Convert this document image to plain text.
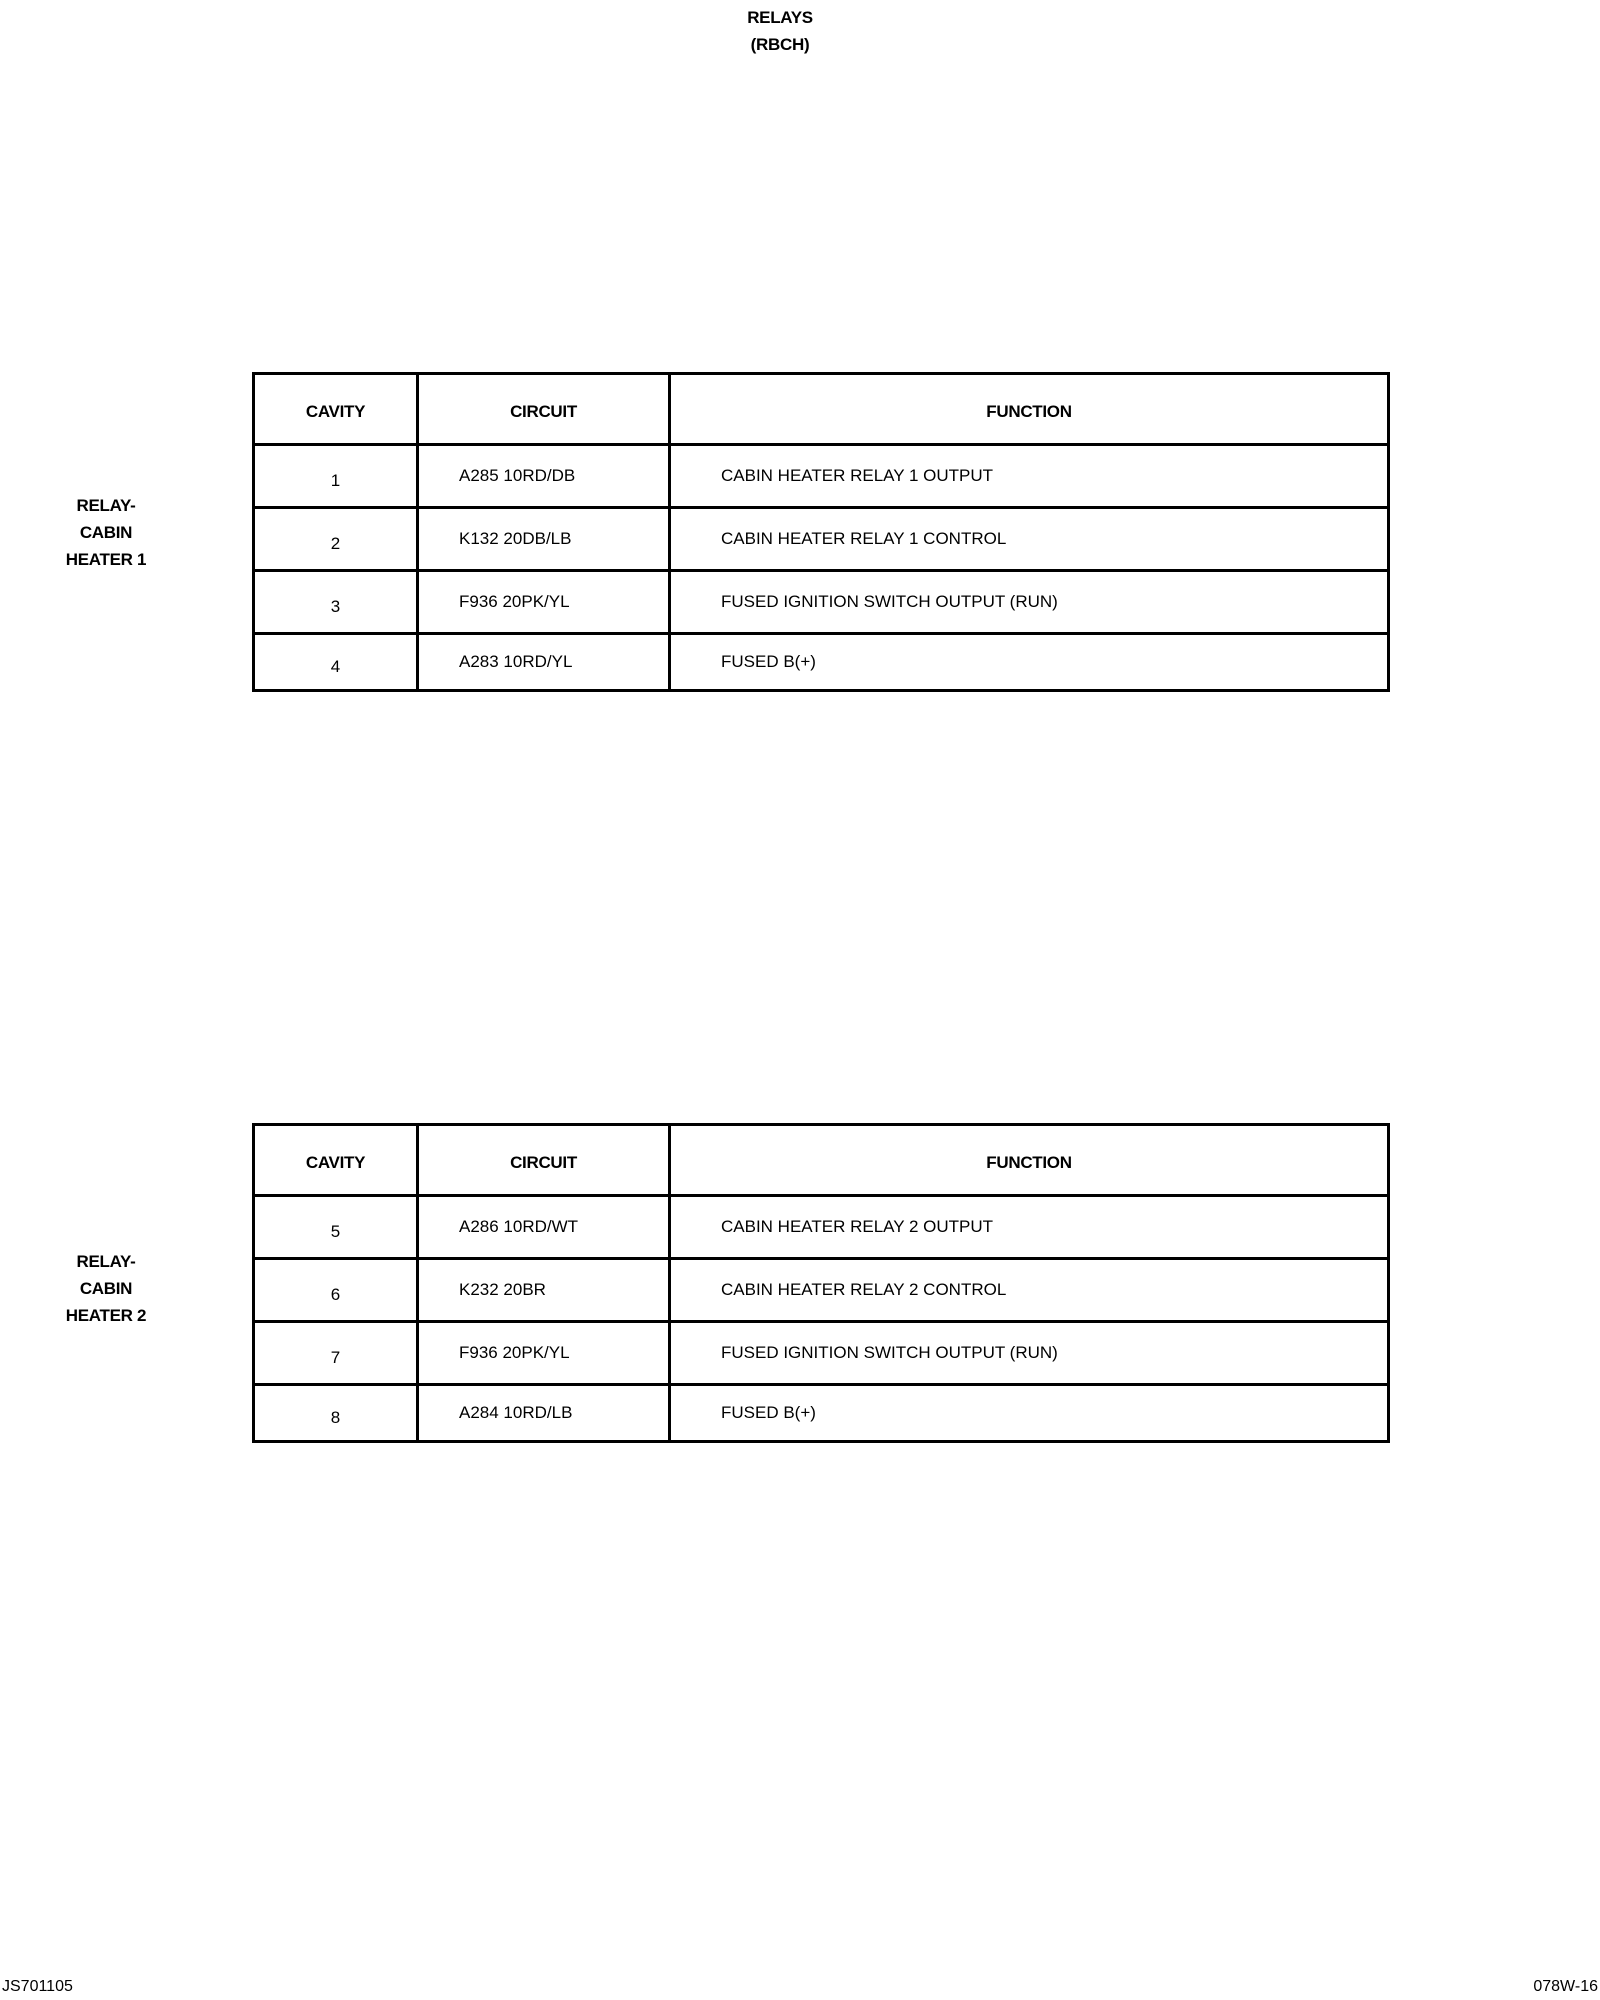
RELAYS
(RBCH)
RELAY-
CABIN
HEATER 1
CAVITY	CIRCUIT	FUNCTION
1	A285 10RD/DB	CABIN HEATER RELAY 1 OUTPUT
2	K132 20DB/LB	CABIN HEATER RELAY 1 CONTROL
3	F936 20PK/YL	FUSED IGNITION SWITCH OUTPUT (RUN)
4	A283 10RD/YL	FUSED B(+)
RELAY-
CABIN
HEATER 2
CAVITY	CIRCUIT	FUNCTION
5	A286 10RD/WT	CABIN HEATER RELAY 2 OUTPUT
6	K232 20BR	CABIN HEATER RELAY 2 CONTROL
7	F936 20PK/YL	FUSED IGNITION SWITCH OUTPUT (RUN)
8	A284 10RD/LB	FUSED B(+)
JS701105	078W-16
